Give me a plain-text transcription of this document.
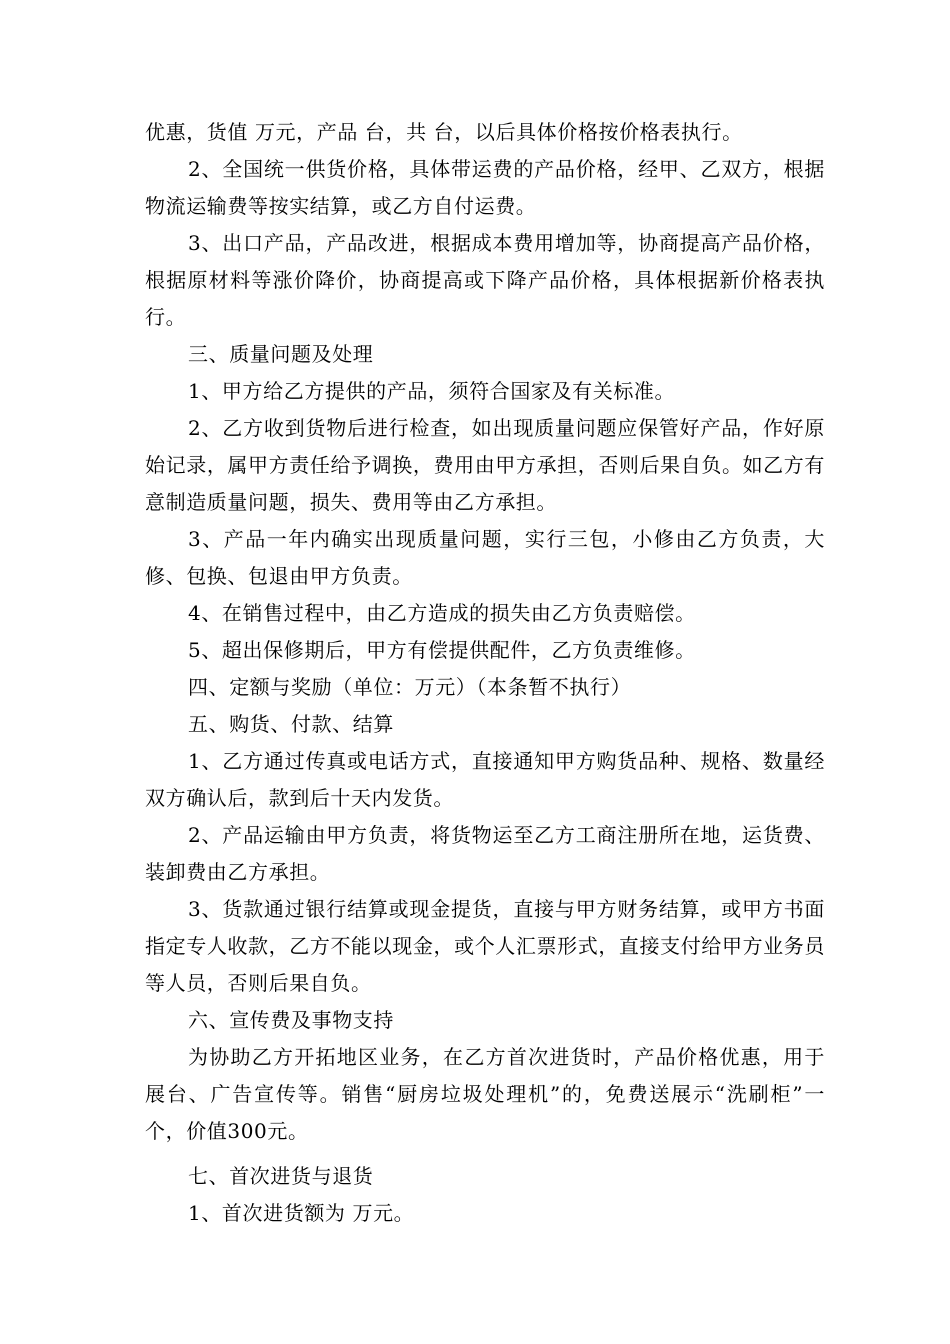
优惠，货值 万元，产品 台，共 台，以后具体价格按价格表执行。

2、全国统一供货价格，具体带运费的产品价格，经甲、乙双方，根据物流运输费等按实结算，或乙方自付运费。

3、出口产品，产品改进，根据成本费用增加等，协商提高产品价格，根据原材料等涨价降价，协商提高或下降产品价格，具体根据新价格表执行。

三、质量问题及处理

1、甲方给乙方提供的产品，须符合国家及有关标准。

2、乙方收到货物后进行检查，如出现质量问题应保管好产品，作好原始记录，属甲方责任给予调换，费用由甲方承担，否则后果自负。如乙方有意制造质量问题，损失、费用等由乙方承担。

3、产品一年内确实出现质量问题，实行三包，小修由乙方负责，大修、包换、包退由甲方负责。

4、在销售过程中，由乙方造成的损失由乙方负责赔偿。

5、超出保修期后，甲方有偿提供配件，乙方负责维修。

四、定额与奖励（单位：万元）（本条暂不执行）

五、购货、付款、结算

1、乙方通过传真或电话方式，直接通知甲方购货品种、规格、数量经双方确认后，款到后十天内发货。

2、产品运输由甲方负责，将货物运至乙方工商注册所在地，运货费、装卸费由乙方承担。

3、货款通过银行结算或现金提货，直接与甲方财务结算，或甲方书面指定专人收款，乙方不能以现金，或个人汇票形式，直接支付给甲方业务员等人员，否则后果自负。

六、宣传费及事物支持

为协助乙方开拓地区业务，在乙方首次进货时，产品价格优惠，用于展台、广告宣传等。销售“厨房垃圾处理机”的，免费送展示“洗刷柜”一个，价值300元。

七、首次进货与退货

1、首次进货额为 万元。
